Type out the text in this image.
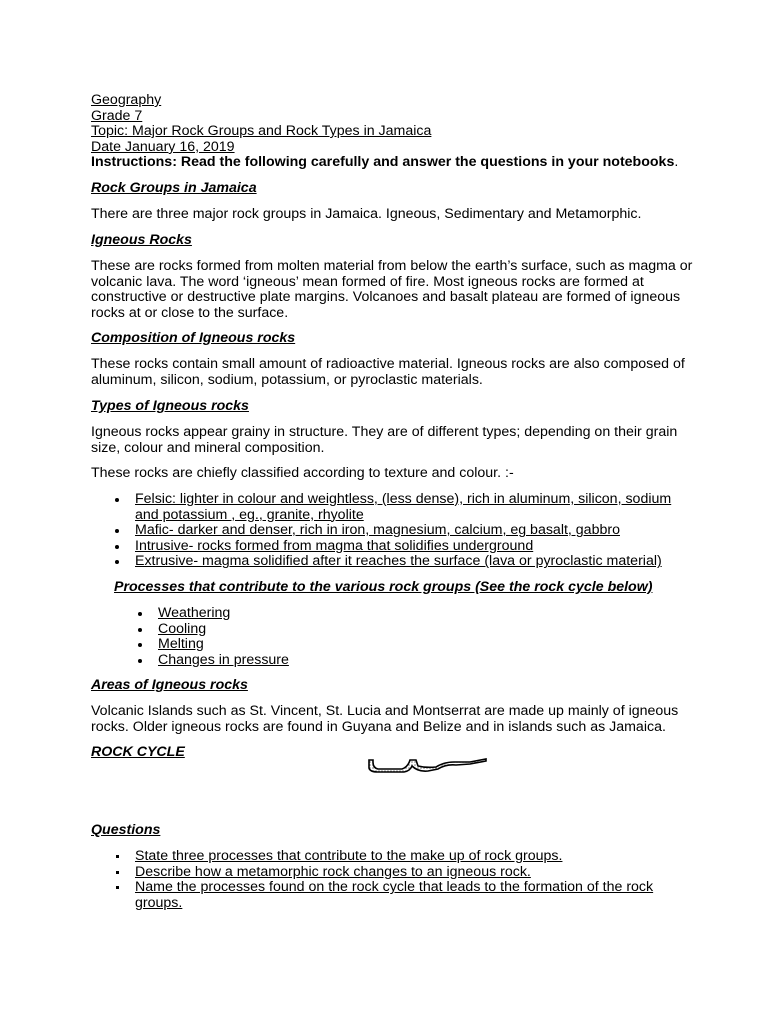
Geography
Grade 7
Topic: Major Rock Groups and Rock Types in Jamaica
Date January 16, 2019
Instructions: Read the following carefully and answer the questions in your notebooks.
Rock Groups in Jamaica
There are three major rock groups in Jamaica. Igneous, Sedimentary and Metamorphic.
Igneous Rocks
These are rocks formed from molten material from below the earth’s surface, such as magma or
volcanic lava. The word ‘igneous’ mean formed of fire. Most igneous rocks are formed at
constructive or destructive plate margins. Volcanoes and basalt plateau are formed of igneous
rocks at or close to the surface.
Composition of Igneous rocks
These rocks contain small amount of radioactive material. Igneous rocks are also composed of
aluminum, silicon, sodium, potassium, or pyroclastic materials.
Types of Igneous rocks
Igneous rocks appear grainy in structure. They are of different types; depending on their grain
size, colour and mineral composition.
These rocks are chiefly classified according to texture and colour. :-
Felsic: lighter in colour and weightless, (less dense), rich in aluminum, silicon, sodium
and potassium , eg., granite, rhyolite
Mafic- darker and denser, rich in iron, magnesium, calcium, eg basalt, gabbro
Intrusive- rocks formed from magma that solidifies underground
Extrusive- magma solidified after it reaches the surface (lava or pyroclastic material)
Processes that contribute to the various rock groups (See the rock cycle below)
Weathering
Cooling
Melting
Changes in pressure
Areas of Igneous rocks
Volcanic Islands such as St. Vincent, St. Lucia and Montserrat are made up mainly of igneous
rocks. Older igneous rocks are found in Guyana and Belize and in islands such as Jamaica.
ROCK CYCLE
Questions
State three processes that contribute to the make up of rock groups.
Describe how a metamorphic rock changes to an igneous rock.
Name the processes found on the rock cycle that leads to the formation of the rock
groups.
